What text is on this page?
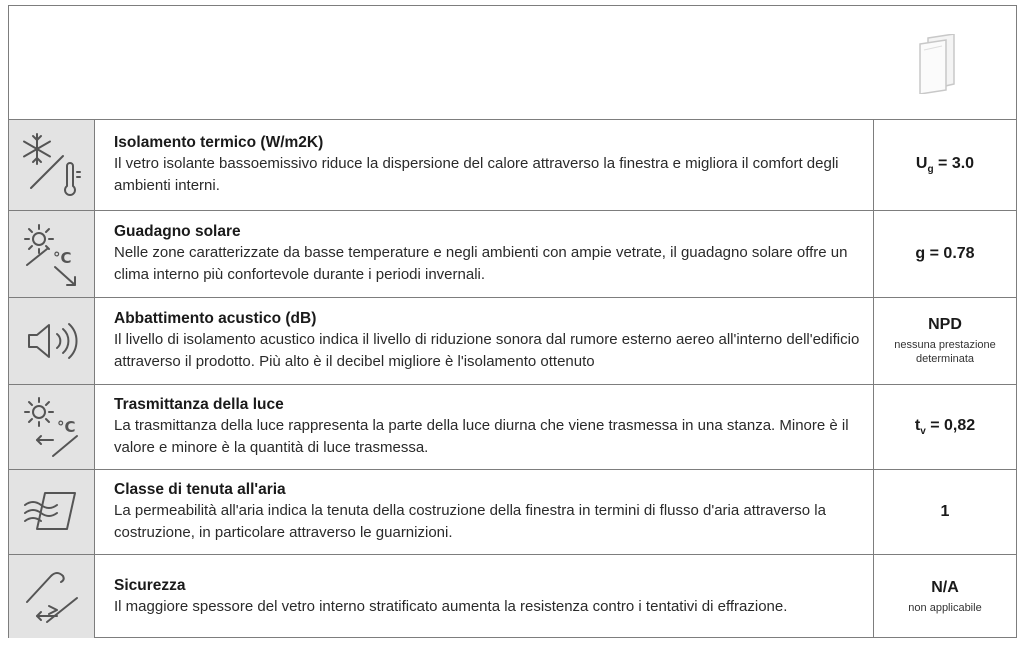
Isolamento termico (W/m2K)
Il vetro isolante bassoemissivo riduce la dispersione del calore attraverso la finestra e migliora il comfort degli ambienti interni.
$U_g = 3.0$
°C
Guadagno solare
Nelle zone caratterizzate da basse temperature e negli ambienti con ampie vetrate, il guadagno solare offre un clima interno più confortevole durante i periodi invernali.
g = 0.78
Abbattimento acustico (dB)
Il livello di isolamento acustico indica il livello di riduzione sonora dal rumore esterno aereo all'interno dell'edificio attraverso il prodotto. Più alto è il decibel migliore è l'isolamento ottenuto
NPD
nessuna prestazione determinata
°C
Trasmittanza della luce
La trasmittanza della luce rappresenta la parte della luce diurna che viene trasmessa in una stanza. Minore è il valore e minore è la quantità di luce trasmessa.
$t_v = 0,82$
Classe di tenuta all'aria
La permeabilità all'aria indica la tenuta della costruzione della finestra in termini di flusso d'aria attraverso la costruzione, in particolare attraverso le guarnizioni.
1
Sicurezza
Il maggiore spessore del vetro interno stratificato aumenta la resistenza contro i tentativi di effrazione.
N/A
non applicabile
